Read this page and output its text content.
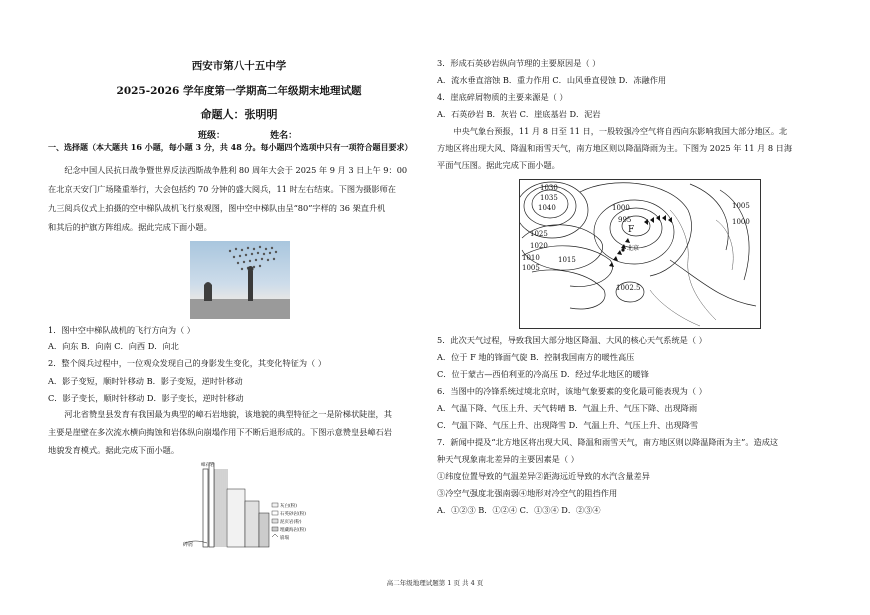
西安市第八十五中学
2025-2026 学年度第一学期高二年级期末地理试题
命题人：张明明
班级：	姓名：
一、选择题（本大题共 16 小题，每小题 3 分，共 48 分。每小题四个选项中只有一项符合题目要求）
纪念中国人民抗日战争暨世界反法西斯战争胜利 80 周年大会于 2025 年 9 月 3 日上午 9：00
在北京天安门广场隆重举行，大会包括约 70 分钟的盛大阅兵，11 时左右结束。下图为摄影师在
九三阅兵仪式上拍摄的空中梯队战机飞行泉观图，图中空中梯队由呈“80”字样的 36 架直升机
和其后的护旗方阵组成。据此完成下面小题。
1．图中空中梯队战机的飞行方向为（ ）
A．向东 B．向南 C．向西 D．向北
2．整个阅兵过程中，一位观众发现自己的身影发生变化，其变化特征为（ ）
A．影子变短，顺时针移动 B．影子变短，逆时针移动
C．影子变长，顺时针移动 D．影子变长，逆时针移动
河北省赞皇县发育有我国最为典型的嶂石岩地貌，该地貌的典型特征之一是阶梯状陡崖，其
主要是崖壁在多次流水横向掏蚀和岩体纵向崩塌作用下不断后退形成的。下图示意赞皇县嶂石岩
地貌发育模式。据此完成下面小题。
碎屑
嶂石岩
灰白(粉)
石英砂岩(粉)
泥页岩(粉)
埋藏海岩(粉)
崩塌
3．形成石英砂岩纵向节理的主要原因是（ ）
A．流水垂直溶蚀 B．重力作用 C．山风垂直侵蚀 D．冻融作用
4．崖底碎屑物质的主要来源是（ ）
A．石英砂岩 B．灰岩 C．崖底基岩 D．泥岩
中央气象台预报，11 月 8 日至 11 日，一股较强冷空气将自西向东影响我国大部分地区。北
方地区将出现大风、降温和雨雪天气，南方地区则以降温降雨为主。下图为 2025 年 11 月 8 日海
平面气压图。据此完成下面小题。
1030
1035
1040
1025
1020
1010
1005
1015
995
1000	1005
1000
1002.5
F
北京
5．此次天气过程，导致我国大部分地区降温、大风的核心天气系统是（ ）
A．位于 F 地的锋面气旋 B．控制我国南方的暖性高压
C．位于蒙古—西伯利亚的冷高压 D．经过华北地区的暖锋
6．当图中的冷锋系统过境北京时，该地气象要素的变化最可能表现为（ ）
A．气温下降、气压上升、天气转晴 B．气温上升、气压下降、出现降雨
C．气温下降、气压上升、出现降雪 D．气温上升、气压上升、出现降雪
7．新闻中提及“北方地区将出现大风、降温和雨雪天气，南方地区则以降温降雨为主”。造成这
种天气现象南北差异的主要因素是（ ）
①纬度位置导致的气温差异②距海远近导致的水汽含量差异
③冷空气强度北强南弱④地形对冷空气的阻挡作用
A．①②③ B．①②④ C．①③④ D．②③④
高二年级地理试题第 1 页 共 4 页
